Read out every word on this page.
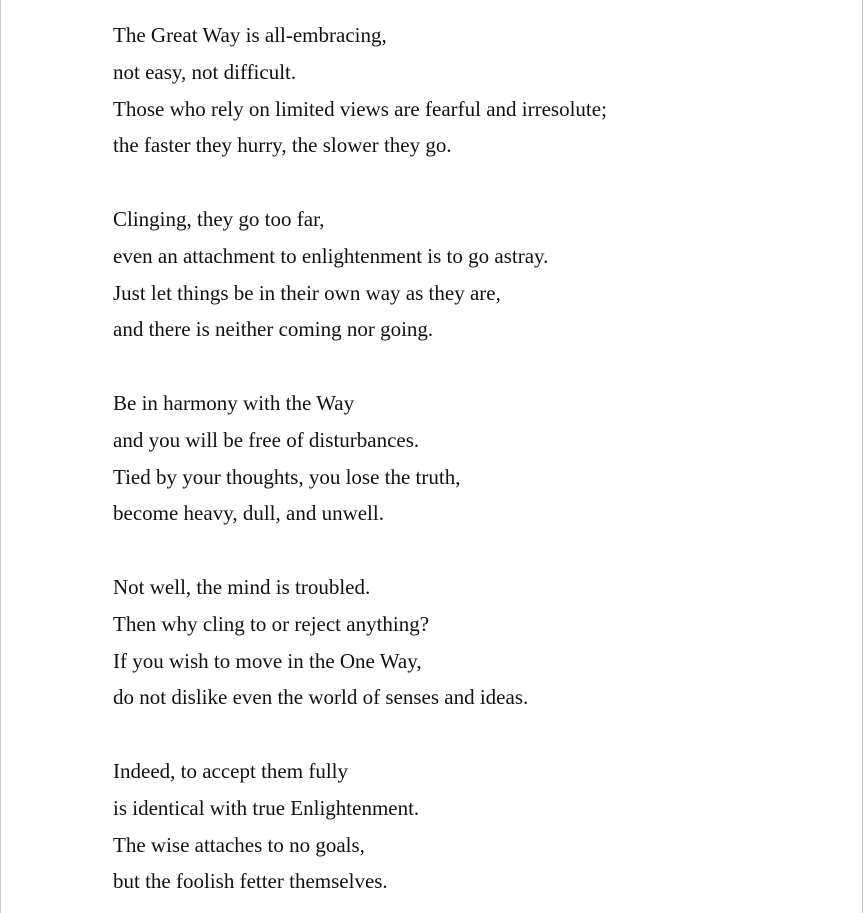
The Great Way is all-embracing,
not easy, not difficult.
Those who rely on limited views are fearful and irresolute;
the faster they hurry, the slower they go.
Clinging, they go too far,
even an attachment to enlightenment is to go astray.
Just let things be in their own way as they are,
and there is neither coming nor going.
Be in harmony with the Way
and you will be free of disturbances.
Tied by your thoughts, you lose the truth,
become heavy, dull, and unwell.
Not well, the mind is troubled.
Then why cling to or reject anything?
If you wish to move in the One Way,
do not dislike even the world of senses and ideas.
Indeed, to accept them fully
is identical with true Enlightenment.
The wise attaches to no goals,
but the foolish fetter themselves.
